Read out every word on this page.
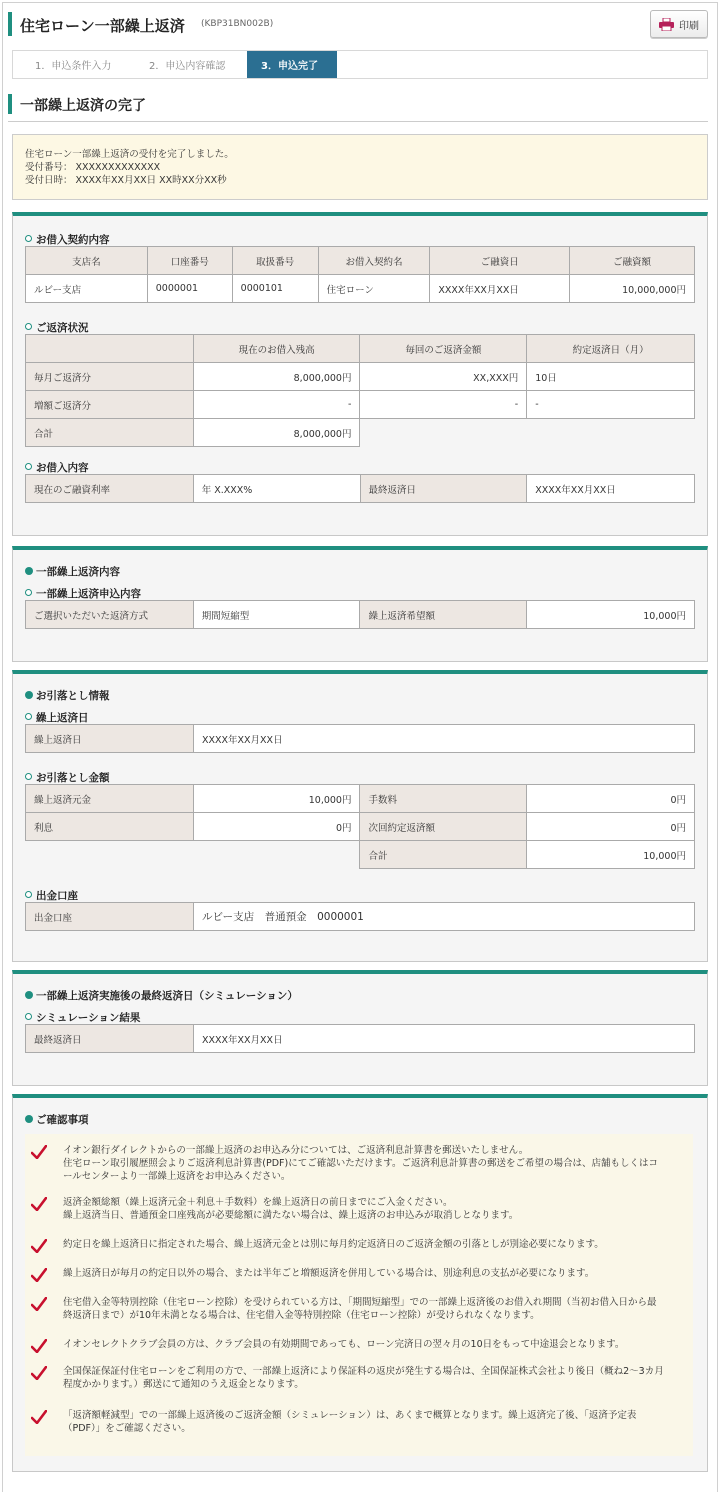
住宅ローン一部繰上返済 (KBP31BN002B)	印刷
1．申込条件入力	2．申込内容確認	3．申込完了
一部繰上返済の完了
住宅ローン一部繰上返済の受付を完了しました。
受付番号： XXXXXXXXXXXXX
受付日時： XXXX年XX月XX日 XX時XX分XX秒
お借入契約内容
支店名	口座番号	取扱番号	お借入契約名	ご融資日	ご融資額
ルビー支店	0000001	0000101	住宅ローン	XXXX年XX月XX日	10,000,000円
ご返済状況
	現在のお借入残高	毎回のご返済金額	約定返済日（月）
毎月ご返済分	8,000,000円	XX,XXX円	10日
増額ご返済分	-	-	-
合計	8,000,000円		
お借入内容
現在のご融資利率	年 X.XXX%	最終返済日	XXXX年XX月XX日
一部繰上返済内容
一部繰上返済申込内容
ご選択いただいた返済方式	期間短縮型	繰上返済希望額	10,000円
お引落とし情報
繰上返済日
繰上返済日	XXXX年XX月XX日
お引落とし金額
繰上返済元金	10,000円	手数料	0円
利息	0円	次回約定返済額	0円
		合計	10,000円
出金口座
出金口座	ルビー支店　普通預金　0000001
一部繰上返済実施後の最終返済日（シミュレーション）
シミュレーション結果
最終返済日	XXXX年XX月XX日
ご確認事項
イオン銀行ダイレクトからの一部繰上返済のお申込み分については、ご返済利息計算書を郵送いたしません。
住宅ローン取引履歴照会よりご返済利息計算書(PDF)にてご確認いただけます。ご返済利息計算書の郵送をご希望の場合は、店舗もしくはコ
ールセンターより一部繰上返済をお申込みください。
返済金額総額（繰上返済元金＋利息＋手数料）を繰上返済日の前日までにご入金ください。
繰上返済当日、普通預金口座残高が必要総額に満たない場合は、繰上返済のお申込みが取消しとなります。
約定日を繰上返済日に指定された場合、繰上返済元金とは別に毎月約定返済日のご返済金額の引落としが別途必要になります。
繰上返済日が毎月の約定日以外の場合、または半年ごと増額返済を併用している場合は、別途利息の支払が必要になります。
住宅借入金等特別控除（住宅ローン控除）を受けられている方は、「期間短縮型」での一部繰上返済後のお借入れ期間（当初お借入日から最
終返済日まで）が10年未満となる場合は、住宅借入金等特別控除（住宅ローン控除）が受けられなくなります。
イオンセレクトクラブ会員の方は、クラブ会員の有効期間であっても、ローン完済日の翌々月の10日をもって中途退会となります。
全国保証保証付住宅ローンをご利用の方で、一部繰上返済により保証料の返戻が発生する場合は、全国保証株式会社より後日（概ね2～3カ月
程度かかります。）郵送にて通知のうえ返金となります。
「返済額軽減型」での一部繰上返済後のご返済金額（シミュレーション）は、あくまで概算となります。繰上返済完了後、「返済予定表
（PDF）」をご確認ください。
